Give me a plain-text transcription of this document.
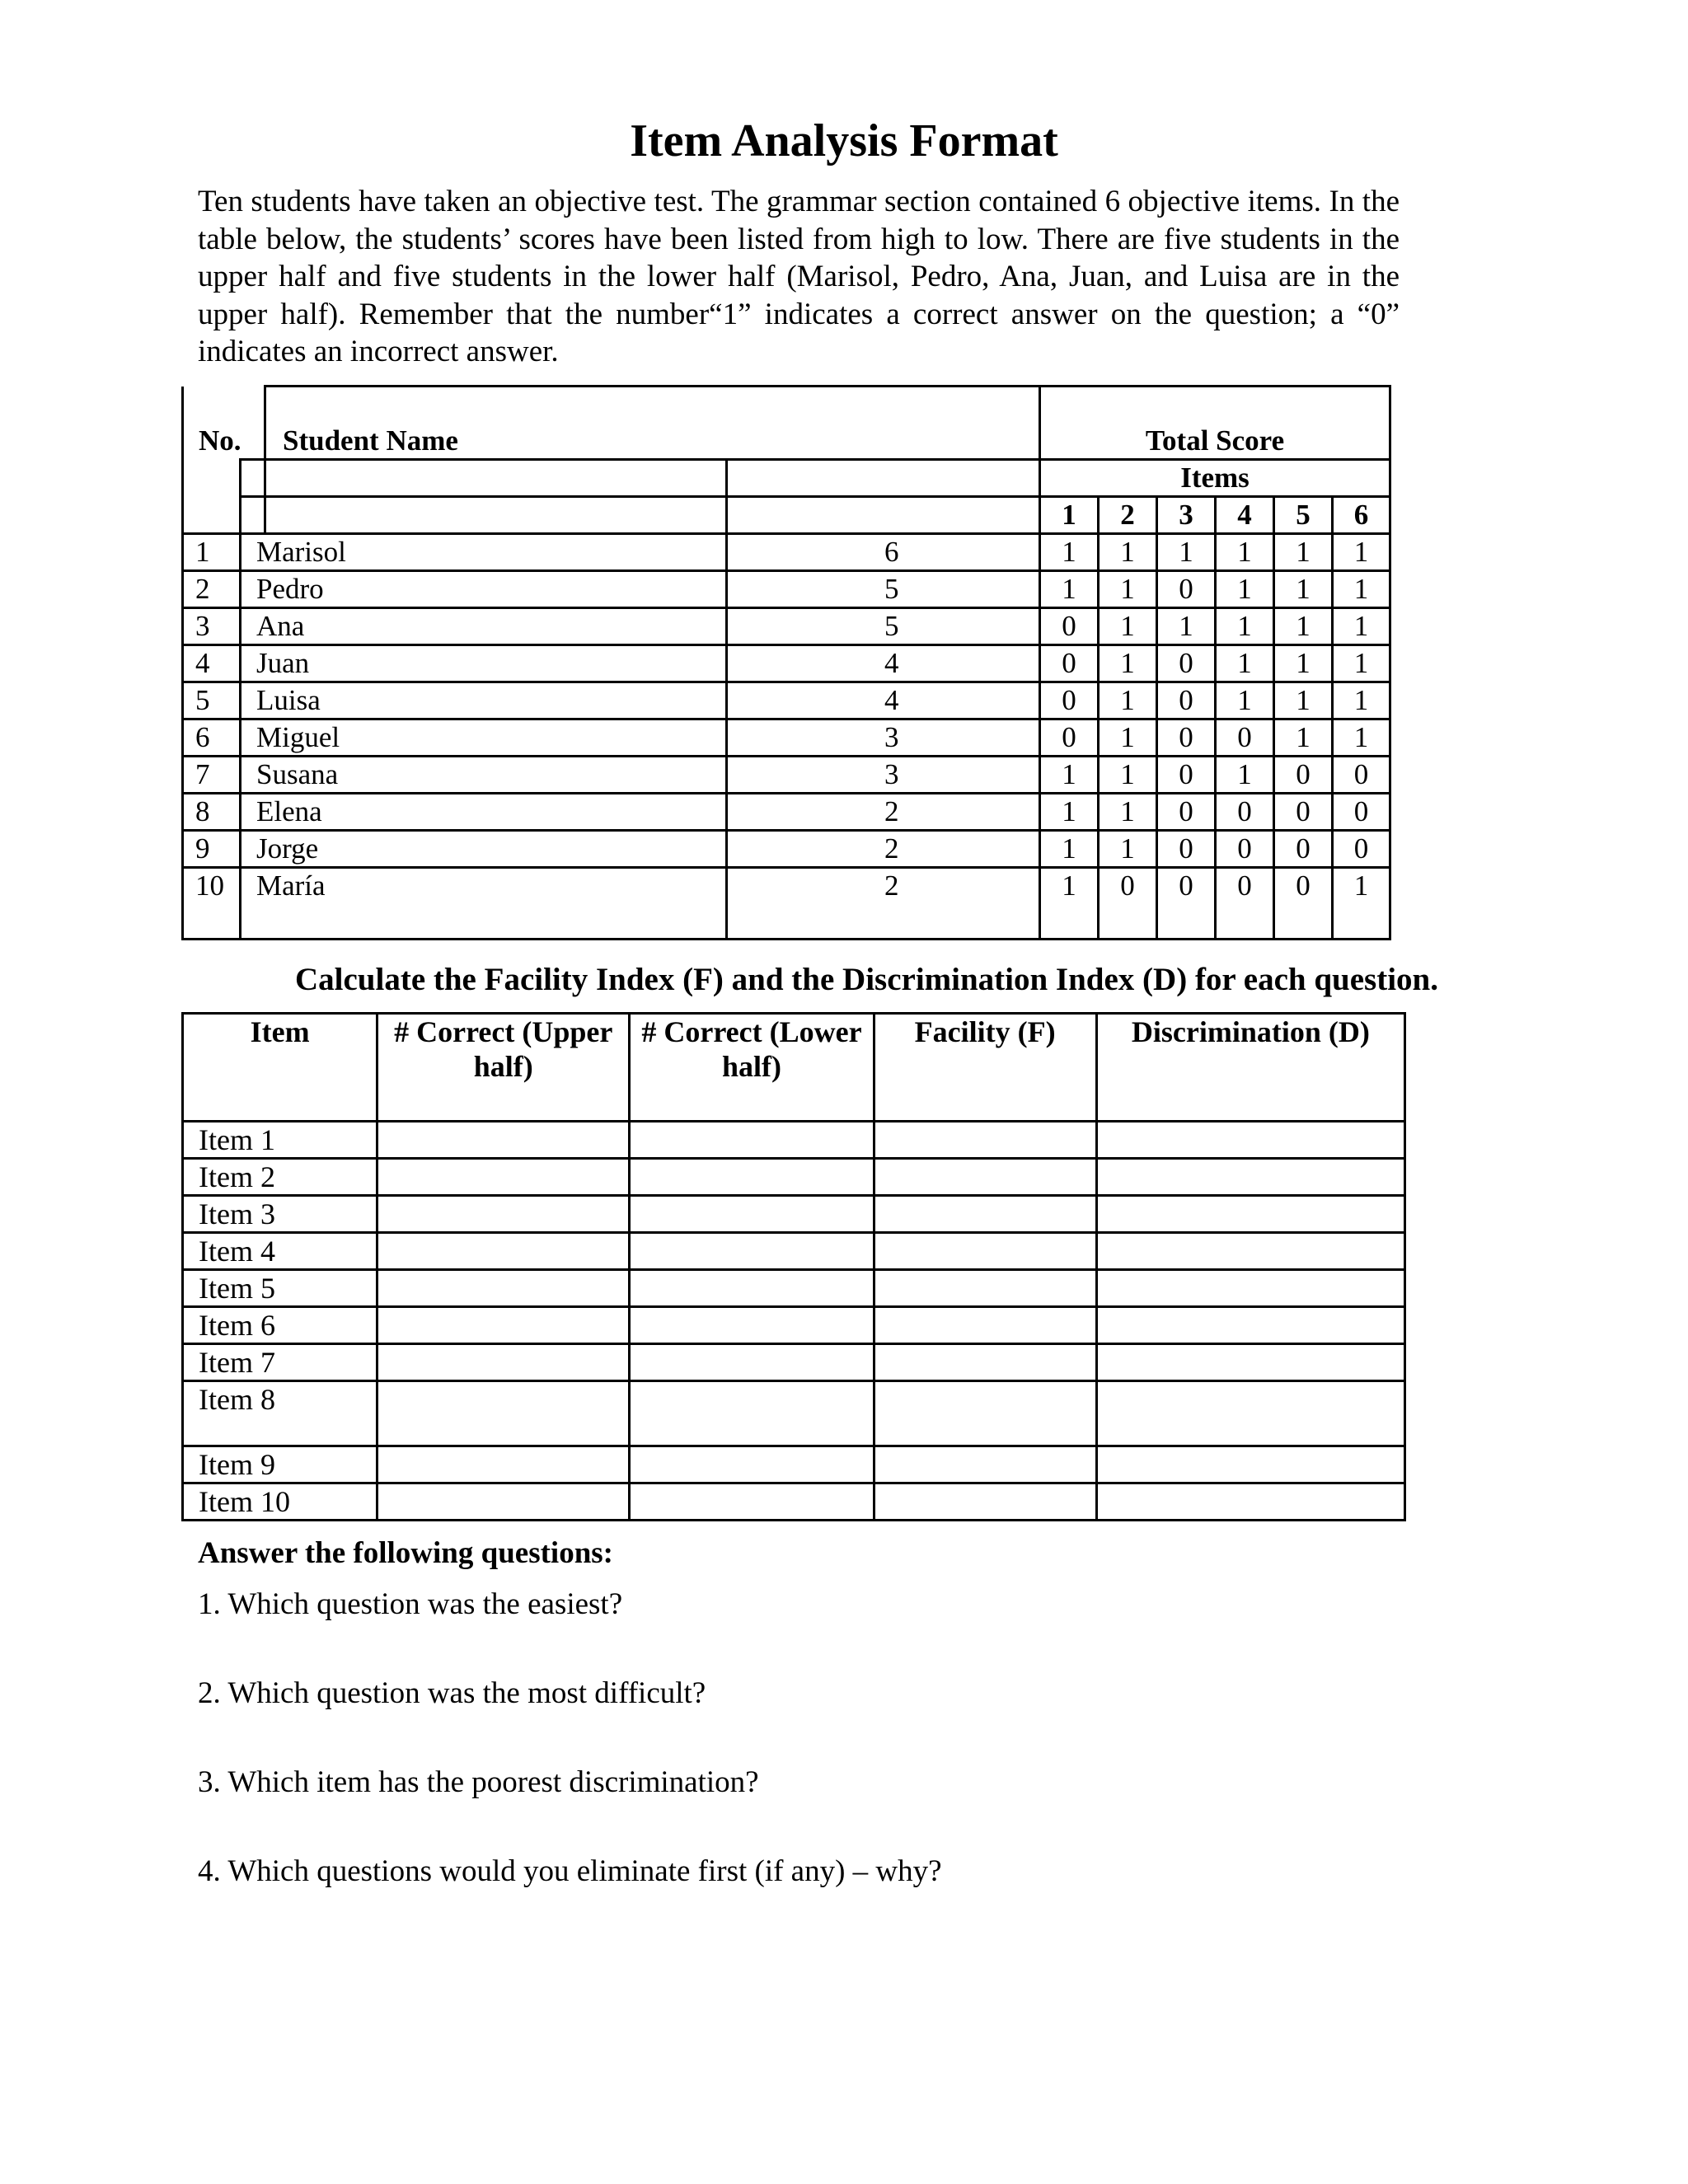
Item Analysis Format
Ten students have taken an objective test. The grammar section contained 6 objective items. In the table below, the students’ scores have been listed from high to low. There are five students in the upper half and five students in the lower half (Marisol, Pedro, Ana, Juan, and Luisa are in the upper half). Remember that the number“1” indicates a correct answer on the question; a “0” indicates an incorrect answer.
No.		Student Name		Total Score					
				Items					
				1	2	3	4	5	6
1	Marisol		6	1	1	1	1	1	1
2	Pedro		5	1	1	0	1	1	1
3	Ana		5	0	1	1	1	1	1
4	Juan		4	0	1	0	1	1	1
5	Luisa		4	0	1	0	1	1	1
6	Miguel		3	0	1	0	0	1	1
7	Susana		3	1	1	0	1	0	0
8	Elena		2	1	1	0	0	0	0
9	Jorge		2	1	1	0	0	0	0
10	María		2	1	0	0	0	0	1
Calculate the Facility Index (F) and the Discrimination Index (D) for each question.
Item	# Correct (Upper half)	# Correct (Lower half)	Facility (F)	Discrimination (D)
Item 1				
Item 2				
Item 3				
Item 4				
Item 5				
Item 6				
Item 7				
Item 8				
Item 9				
Item 10				
Answer the following questions:
1. Which question was the easiest?
2. Which question was the most difficult?
3. Which item has the poorest discrimination?
4. Which questions would you eliminate first (if any) – why?
